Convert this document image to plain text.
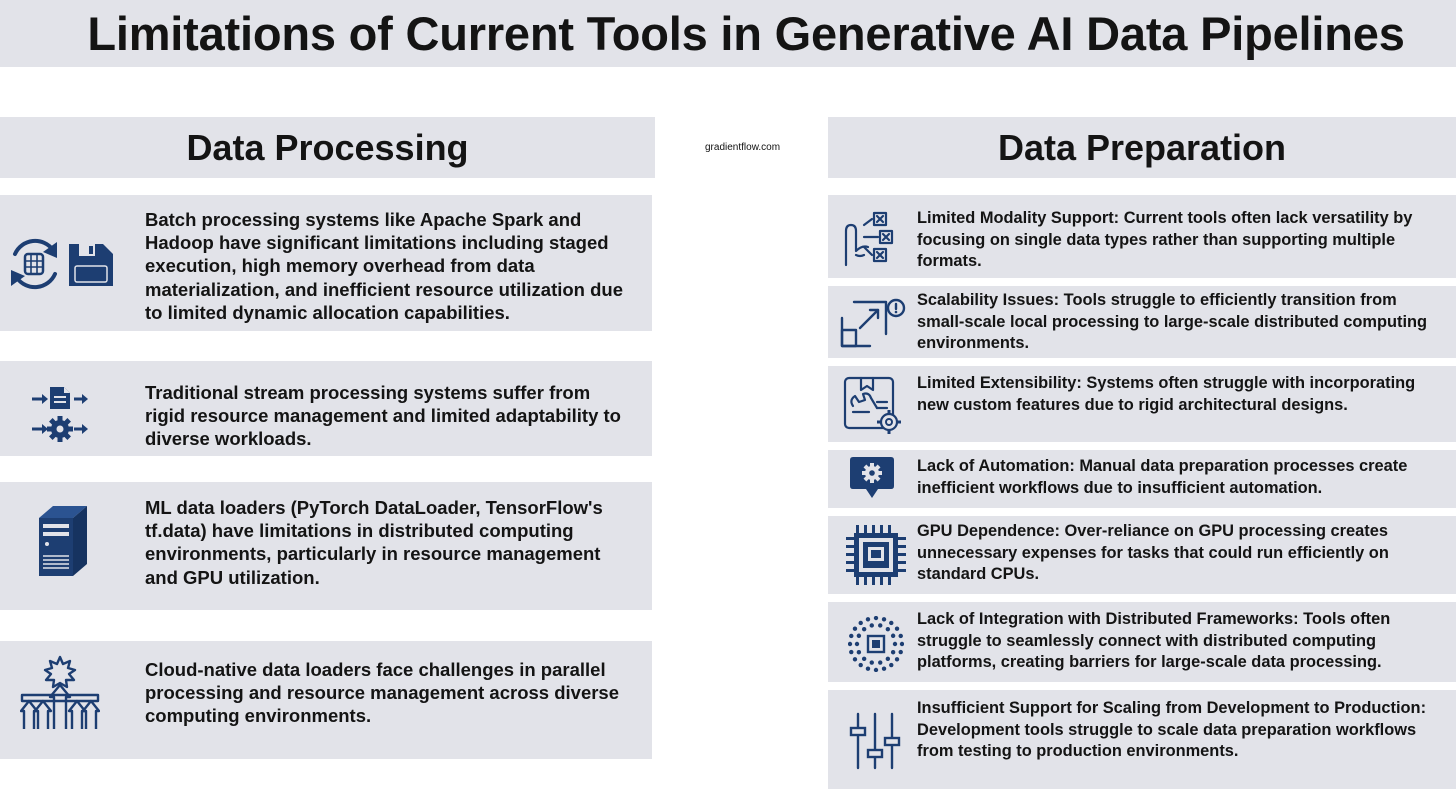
Limitations of Current Tools in Generative AI Data Pipelines
Data Processing	gradientflow.com	Data Preparation
Batch processing systems like Apache Spark and Hadoop have significant limitations including staged execution, high memory overhead from data materialization, and inefficient resource utilization due to limited dynamic allocation capabilities.
Traditional stream processing systems suffer from rigid resource management and limited adaptability to diverse workloads.
ML data loaders (PyTorch DataLoader, TensorFlow's tf.data) have limitations in distributed computing environments, particularly in resource management and GPU utilization.
Cloud-native data loaders face challenges in parallel processing and resource management across diverse computing environments.
Limited Modality Support: Current tools often lack versatility by focusing on single data types rather than supporting multiple formats.
Scalability Issues: Tools struggle to efficiently transition from small-scale local processing to large-scale distributed computing environments.
Limited Extensibility: Systems often struggle with incorporating new custom features due to rigid architectural designs.
Lack of Automation: Manual data preparation processes create inefficient workflows due to insufficient automation.
GPU Dependence: Over-reliance on GPU processing creates unnecessary expenses for tasks that could run efficiently on standard CPUs.
Lack of Integration with Distributed Frameworks: Tools often struggle to seamlessly connect with distributed computing platforms, creating barriers for large-scale data processing.
Insufficient Support for Scaling from Development to Production: Development tools struggle to scale data preparation workflows from testing to production environments.
